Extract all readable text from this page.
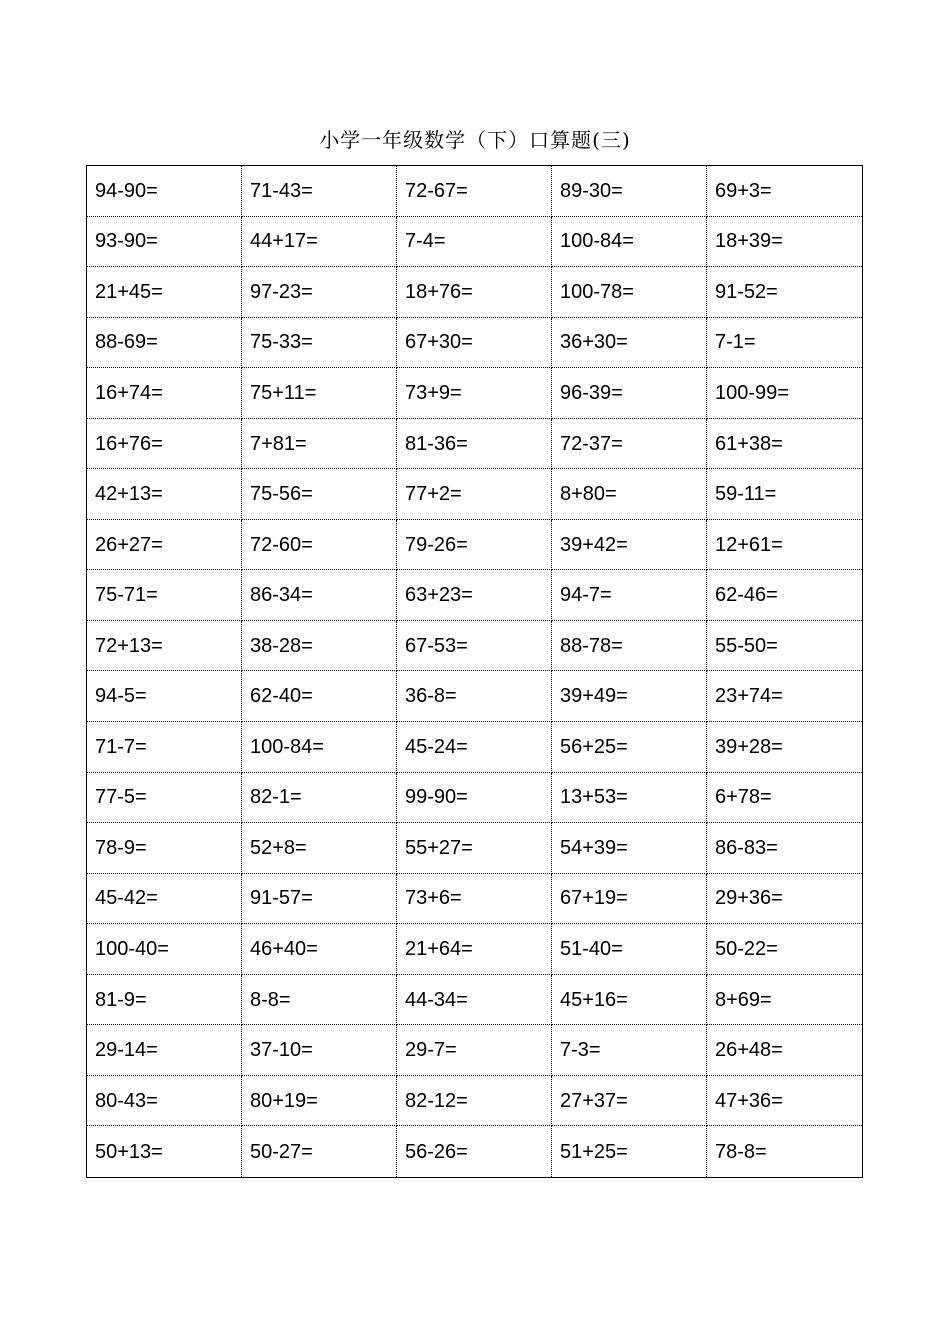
小学一年级数学（下）口算题(三)
94-90=	71-43=	72-67=	89-30=	69+3=
93-90=	44+17=	7-4=	100-84=	18+39=
21+45=	97-23=	18+76=	100-78=	91-52=
88-69=	75-33=	67+30=	36+30=	7-1=
16+74=	75+11=	73+9=	96-39=	100-99=
16+76=	7+81=	81-36=	72-37=	61+38=
42+13=	75-56=	77+2=	8+80=	59-11=
26+27=	72-60=	79-26=	39+42=	12+61=
75-71=	86-34=	63+23=	94-7=	62-46=
72+13=	38-28=	67-53=	88-78=	55-50=
94-5=	62-40=	36-8=	39+49=	23+74=
71-7=	100-84=	45-24=	56+25=	39+28=
77-5=	82-1=	99-90=	13+53=	6+78=
78-9=	52+8=	55+27=	54+39=	86-83=
45-42=	91-57=	73+6=	67+19=	29+36=
100-40=	46+40=	21+64=	51-40=	50-22=
81-9=	8-8=	44-34=	45+16=	8+69=
29-14=	37-10=	29-7=	7-3=	26+48=
80-43=	80+19=	82-12=	27+37=	47+36=
50+13=	50-27=	56-26=	51+25=	78-8=
